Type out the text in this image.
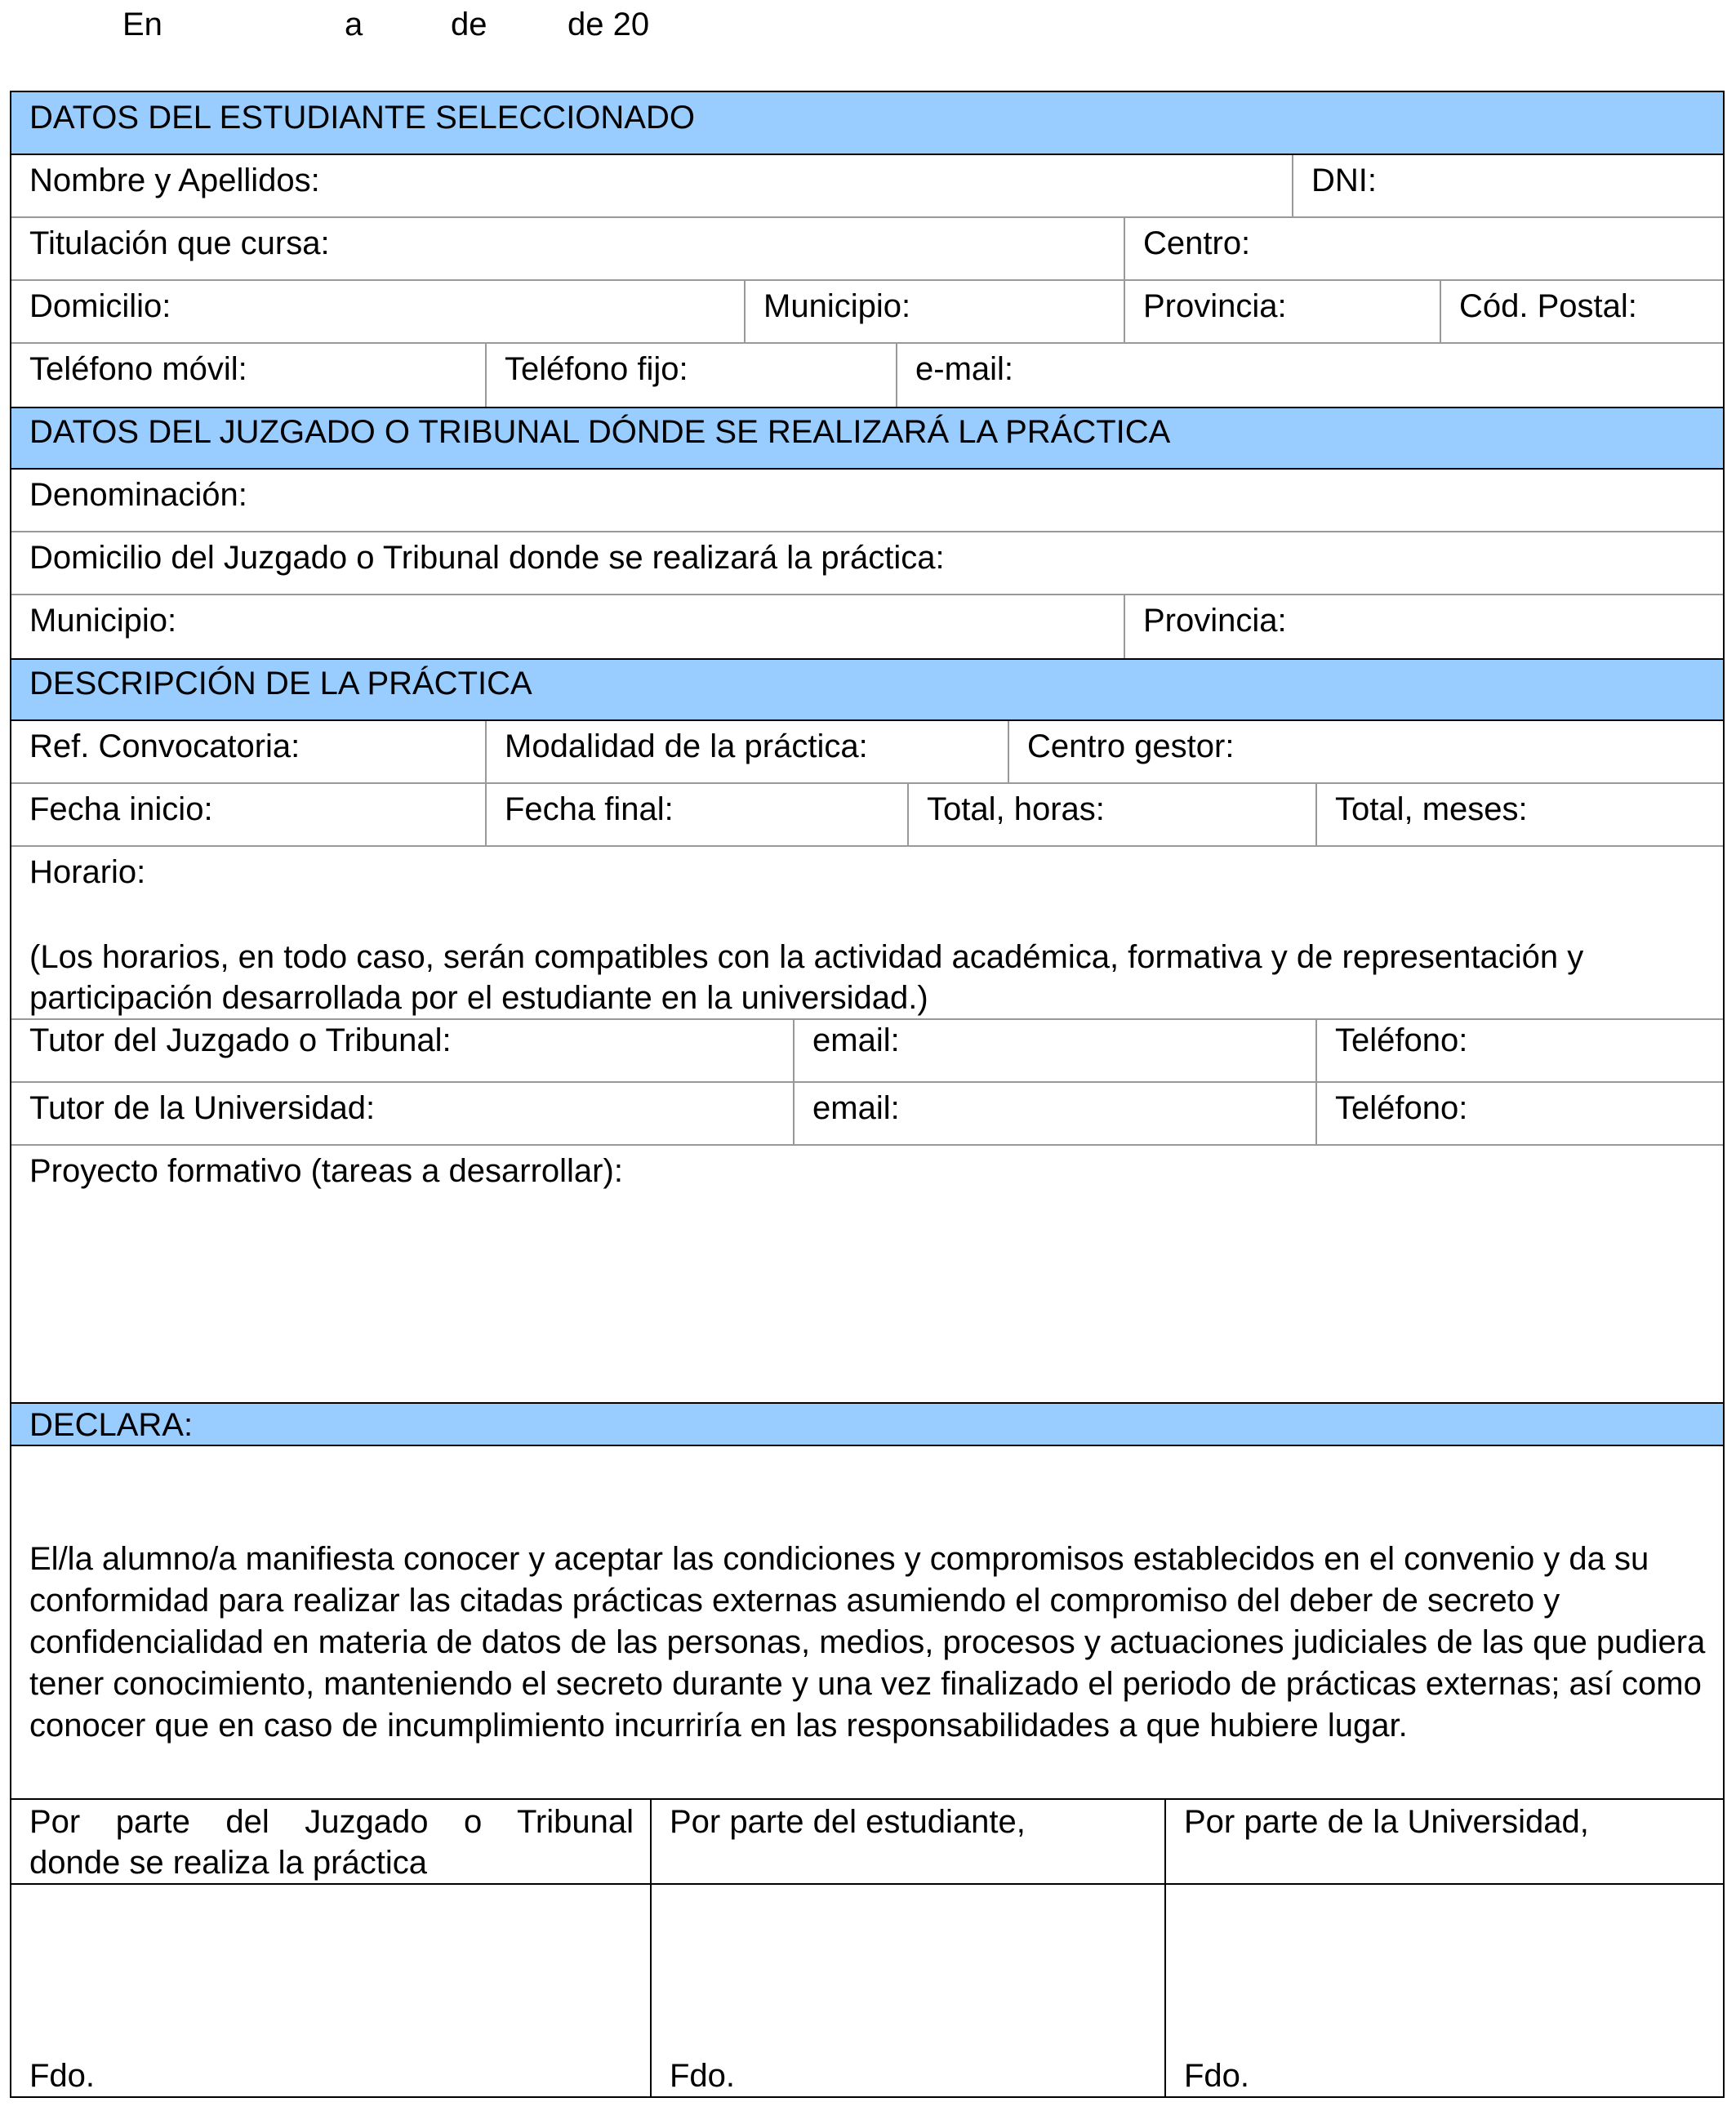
En	a	de de 20
DATOS DEL ESTUDIANTE SELECCIONADO
Nombre y Apellidos:	DNI:
Titulación que cursa:	Centro:
Domicilio:	Municipio:	Provincia:	Cód. Postal:
Teléfono móvil:	Teléfono fijo:	e-mail:
DATOS DEL JUZGADO O TRIBUNAL DÓNDE SE REALIZARÁ LA PRÁCTICA
Denominación:
Domicilio del Juzgado o Tribunal donde se realizará la práctica:
Municipio:	Provincia:
DESCRIPCIÓN DE LA PRÁCTICA
Ref. Convocatoria:	Modalidad de la práctica:	Centro gestor:
Fecha inicio:	Fecha final:	Total, horas:	Total, meses:
Horario:
(Los horarios, en todo caso, serán compatibles con la actividad académica, formativa y de representación y participación desarrollada por el estudiante en la universidad.)
Tutor del Juzgado o Tribunal:	email:	Teléfono:
Tutor de la Universidad:	email:	Teléfono:
Proyecto formativo (tareas a desarrollar):
DECLARA:
El/la alumno/a manifiesta conocer y aceptar las condiciones y compromisos establecidos en el convenio y da su conformidad para realizar las citadas prácticas externas asumiendo el compromiso del deber de secreto y confidencialidad en materia de datos de las personas, medios, procesos y actuaciones judiciales de las que pudiera tener conocimiento, manteniendo el secreto durante y una vez finalizado el periodo de prácticas externas; así como conocer que en caso de incumplimiento incurriría en las responsabilidades a que hubiere lugar.
Por parte del Juzgado o Tribunal
donde se realiza la práctica
Por parte del estudiante,	Por parte de la Universidad,
Fdo.	Fdo.	Fdo.
